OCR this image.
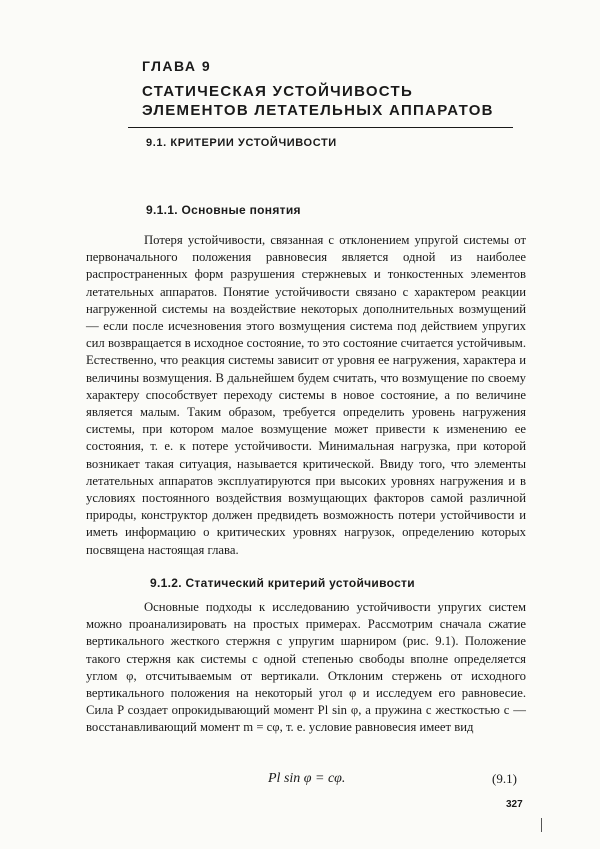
ГЛАВА 9
СТАТИЧЕСКАЯ УСТОЙЧИВОСТЬ ЭЛЕМЕНТОВ ЛЕТАТЕЛЬНЫХ АППАРАТОВ
9.1. КРИТЕРИИ УСТОЙЧИВОСТИ
9.1.1. Основные понятия
Потеря устойчивости, связанная с отклонением упругой системы от первоначального положения равновесия является одной из наиболее распространенных форм разрушения стержневых и тонкостенных элементов летательных аппаратов. Понятие устойчивости связано с характером реакции нагруженной системы на воздействие некоторых дополнительных возмущений — если после исчезновения этого возмущения система под действием упругих сил возвращается в исходное состояние, то это состояние считается устойчивым. Естественно, что реакция системы зависит от уровня ее нагружения, характера и величины возмущения. В дальнейшем будем считать, что возмущение по своему характеру способствует переходу системы в новое состояние, а по величине является малым. Таким образом, требуется определить уровень нагружения системы, при котором малое возмущение может привести к изменению ее состояния, т. е. к потере устойчивости. Минимальная нагрузка, при которой возникает такая ситуация, называется критической. Ввиду того, что элементы летательных аппаратов эксплуатируются при высоких уровнях нагружения и в условиях постоянного воздействия возмущающих факторов самой различной природы, конструктор должен предвидеть возможность потери устойчивости и иметь информацию о критических уровнях нагрузок, определению которых посвящена настоящая глава.
9.1.2. Статический критерий устойчивости
Основные подходы к исследованию устойчивости упругих систем можно проанализировать на простых примерах. Рассмотрим сначала сжатие вертикального жесткого стержня с упругим шарниром (рис. 9.1). Положение такого стержня как системы с одной степенью свободы вполне определяется углом φ, отсчитываемым от вертикали. Отклоним стержень от исходного вертикального положения на некоторый угол φ и исследуем его равновесие. Сила P создает опрокидывающий момент Pl sin φ, а пружина с жесткостью c — восстанавливающий момент m = cφ, т. е. условие равновесия имеет вид
Pl sin φ = cφ.	(9.1)
327
